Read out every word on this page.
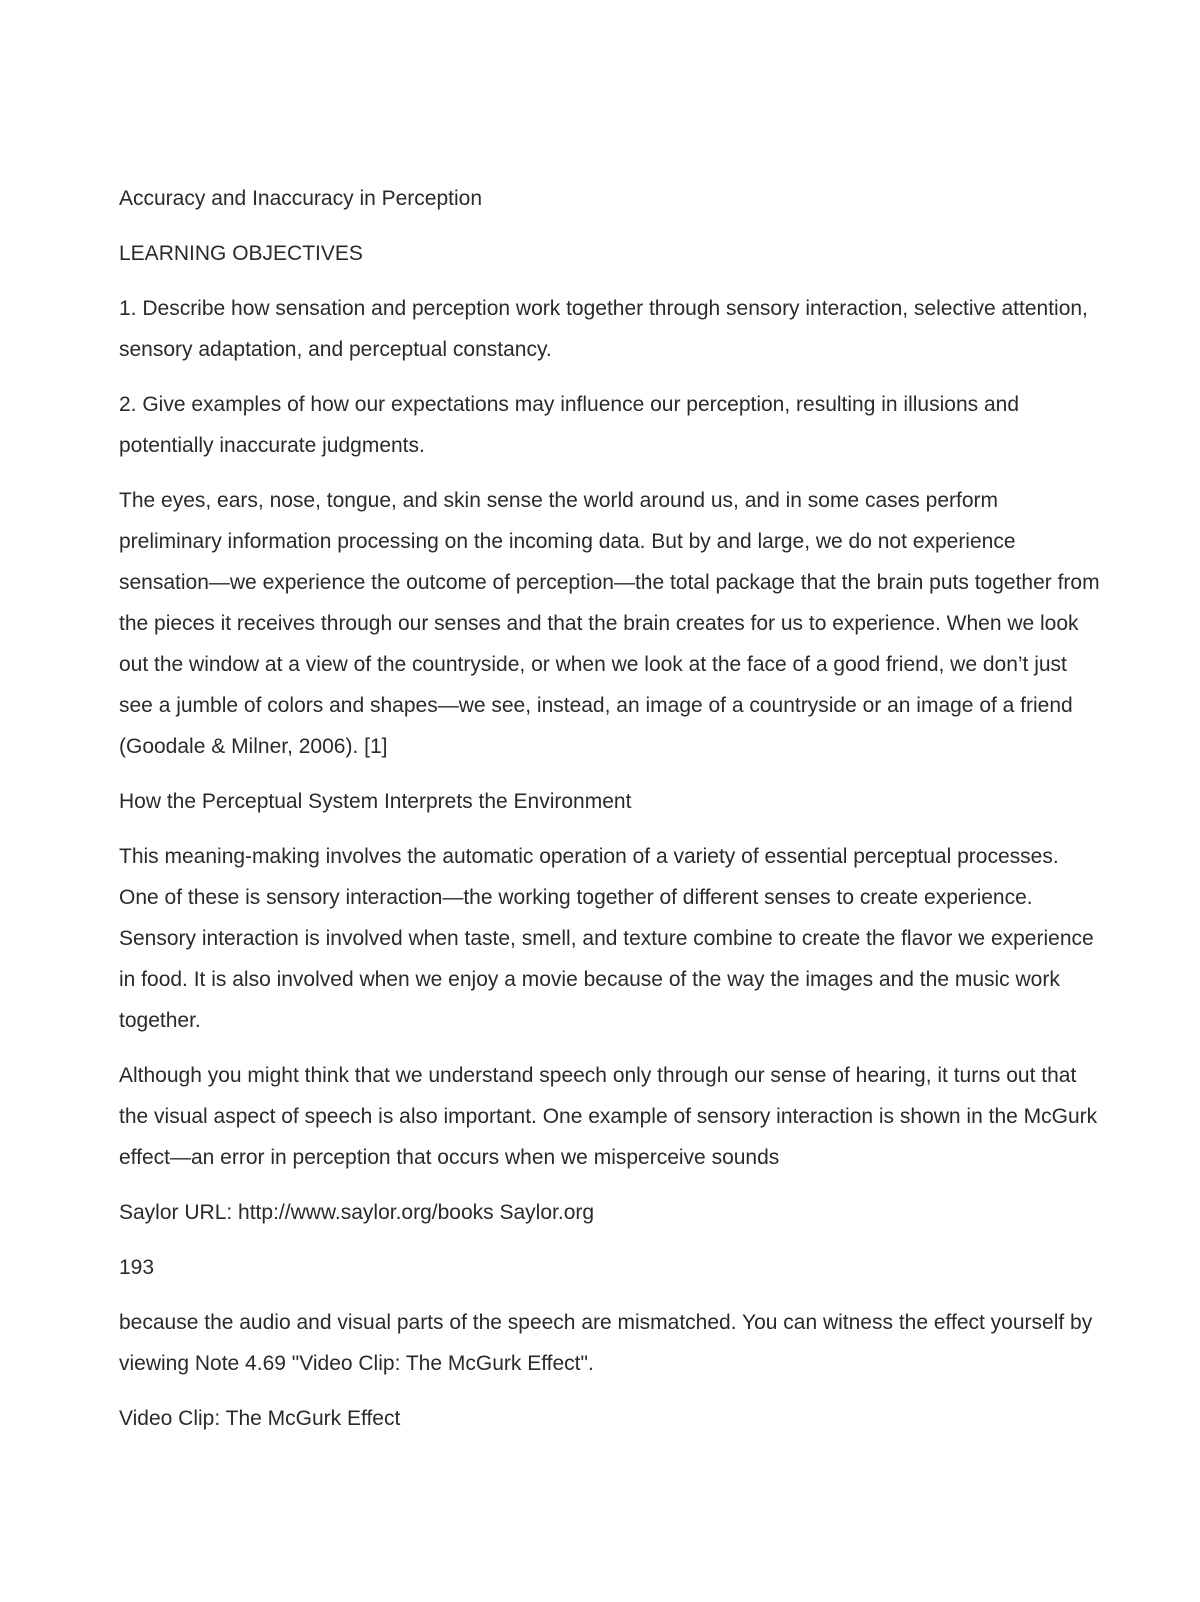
Accuracy and Inaccuracy in Perception

LEARNING OBJECTIVES

1. Describe how sensation and perception work together through sensory interaction, selective attention, sensory adaptation, and perceptual constancy.

2. Give examples of how our expectations may influence our perception, resulting in illusions and potentially inaccurate judgments.

The eyes, ears, nose, tongue, and skin sense the world around us, and in some cases perform preliminary information processing on the incoming data. But by and large, we do not experience sensation—we experience the outcome of perception—the total package that the brain puts together from the pieces it receives through our senses and that the brain creates for us to experience. When we look out the window at a view of the countryside, or when we look at the face of a good friend, we don’t just see a jumble of colors and shapes—we see, instead, an image of a countryside or an image of a friend (Goodale & Milner, 2006). [1]

How the Perceptual System Interprets the Environment

This meaning-making involves the automatic operation of a variety of essential perceptual processes. One of these is sensory interaction—the working together of different senses to create experience. Sensory interaction is involved when taste, smell, and texture combine to create the flavor we experience in food. It is also involved when we enjoy a movie because of the way the images and the music work together.

Although you might think that we understand speech only through our sense of hearing, it turns out that the visual aspect of speech is also important. One example of sensory interaction is shown in the McGurk effect—an error in perception that occurs when we misperceive sounds

Saylor URL: http://www.saylor.org/books Saylor.org

193

because the audio and visual parts of the speech are mismatched. You can witness the effect yourself by viewing Note 4.69 "Video Clip: The McGurk Effect".

Video Clip: The McGurk Effect
